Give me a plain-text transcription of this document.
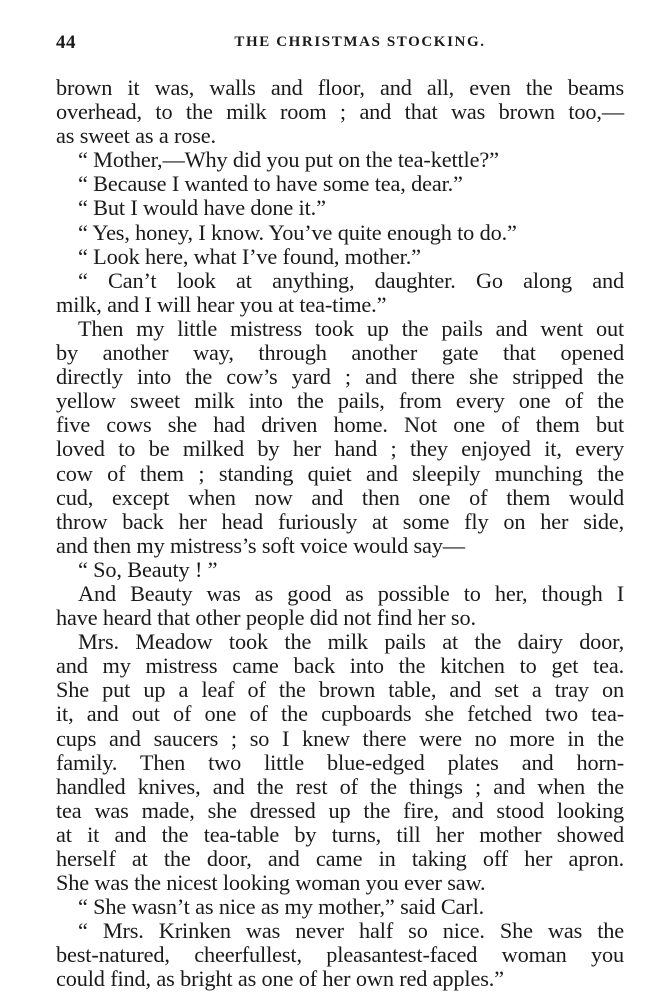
44	THE CHRISTMAS STOCKING.
brown it was, walls and floor, and all, even the beams
overhead, to the milk room ; and that was brown too,—
as sweet as a rose.
“ Mother,—Why did you put on the tea-kettle?”
“ Because I wanted to have some tea, dear.”
“ But I would have done it.”
“ Yes, honey, I know. You’ve quite enough to do.”
“ Look here, what I’ve found, mother.”
“ Can’t look at anything, daughter. Go along and
milk, and I will hear you at tea-time.”
Then my little mistress took up the pails and went out
by another way, through another gate that opened
directly into the cow’s yard ; and there she stripped the
yellow sweet milk into the pails, from every one of the
five cows she had driven home. Not one of them but
loved to be milked by her hand ; they enjoyed it, every
cow of them ; standing quiet and sleepily munching the
cud, except when now and then one of them would
throw back her head furiously at some fly on her side,
and then my mistress’s soft voice would say—
“ So, Beauty ! ”
And Beauty was as good as possible to her, though I
have heard that other people did not find her so.
Mrs. Meadow took the milk pails at the dairy door,
and my mistress came back into the kitchen to get tea.
She put up a leaf of the brown table, and set a tray on
it, and out of one of the cupboards she fetched two tea-
cups and saucers ; so I knew there were no more in the
family. Then two little blue-edged plates and horn-
handled knives, and the rest of the things ; and when the
tea was made, she dressed up the fire, and stood looking
at it and the tea-table by turns, till her mother showed
herself at the door, and came in taking off her apron.
She was the nicest looking woman you ever saw.
“ She wasn’t as nice as my mother,” said Carl.
“ Mrs. Krinken was never half so nice. She was the
best-natured, cheerfullest, pleasantest-faced woman you
could find, as bright as one of her own red apples.”
